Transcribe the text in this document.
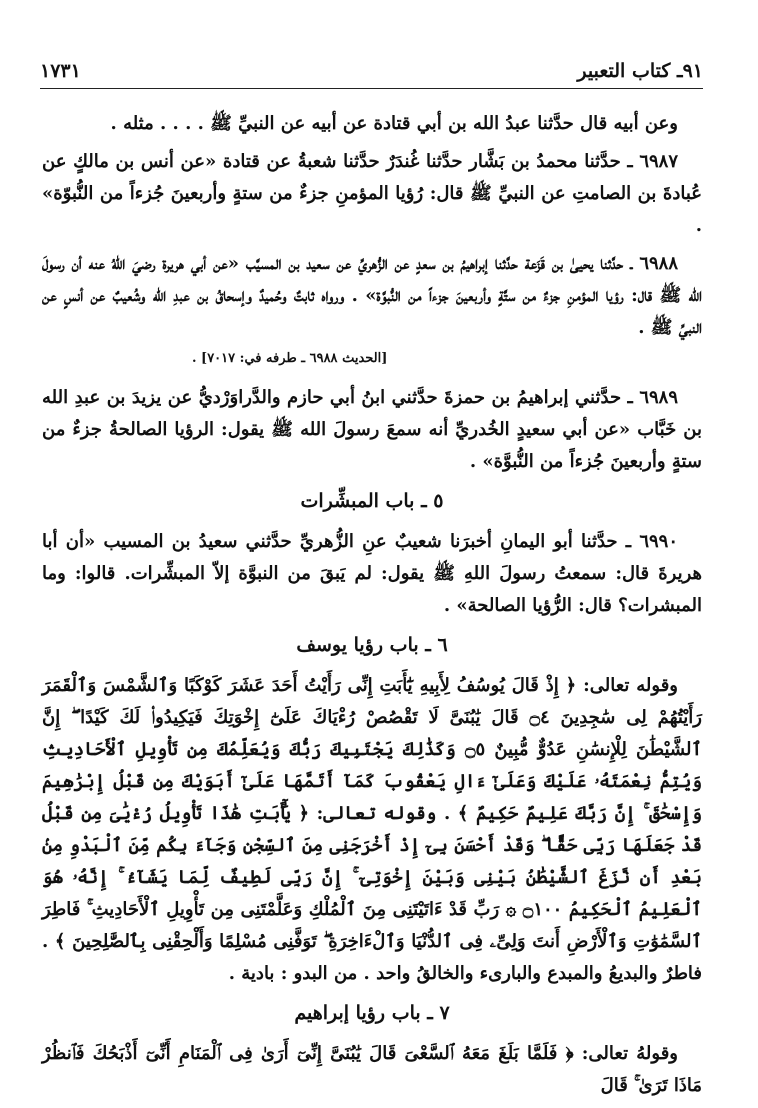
٩١ـ كتاب التعبير
١٧٣١

وعن أبيه قال حدَّثنا عبدُ الله بن أبي قتادة عن أبيه عن النبيِّ ﷺ . . . . مثله .

٦٩٨٧ ـ حدَّثنا محمدُ بن بَشَّار حدَّثنا غُندَرٌ حدَّثنا شعبةُ عن قتادة «عن أنس بن مالكٍ عن عُبادةَ بن الصامتِ عن النبيِّ ﷺ قال: رُؤيا المؤمنِ جزءٌ من ستةٍ وأربعينَ جُزءاً من النُّبوّة» .

٦٩٨٨ ـ حدَّثنا يحيىٰ بن قَزَعة حدَّثنا إبراهيمُ بن سعدٍ عن الزُّهريِّ عن سعيد بن المسيَّب «عن أبي هريرة رضيَ اللهُ عنه أن رسولَ الله ﷺ قال: رؤيا المؤمنِ جزءٌ من ستَّةٍ وأربعينَ جزءاً من النُّبوَّة» . ورواه ثابتٌ وحُميدٌ وإسحاقُ بن عبدِ الله وشُعيبٌ عن أنسٍ عن النبيِّ ﷺ .

[الحديث ٦٩٨٨ ـ طرفه في: ٧٠١٧] .

٦٩٨٩ ـ حدَّثني إبراهيمُ بن حمزةَ حدَّثني ابنُ أبي حازم والدَّراوَرْديُّ عن يزيدَ بن عبدِ الله بن خَبَّاب «عن أبي سعيدٍ الخُدريِّ أنه سمعَ رسولَ الله ﷺ يقول: الرؤيا الصالحةُ جزءٌ من ستةٍ وأربعينَ جُزءاً من النُّبوَّة» .

٥ ـ باب المبشِّرات

٦٩٩٠ ـ حدَّثنا أبو اليمانِ أخبرَنا شعيبٌ عنِ الزُّهريِّ حدَّثني سعيدُ بن المسيب «أن أبا هريرةَ قال: سمعتُ رسولَ اللهِ ﷺ يقول: لم يَبقَ من النبوَّة إلاّ المبشِّرات. قالوا: وما المبشرات؟ قال: الرُّؤيا الصالحة» .

٦ ـ باب رؤيا يوسف

وقوله تعالى: ﴿ إِذْ قَالَ يُوسُفُ لِأَبِيهِ يَٰٓأَبَتِ إِنِّى رَأَيْتُ أَحَدَ عَشَرَ كَوْكَبًا وَٱلشَّمْسَ وَٱلْقَمَرَ رَأَيْتُهُمْ لِى سَٰجِدِينَ ۝٤ قَالَ يَٰبُنَىَّ لَا تَقْصُصْ رُءْيَاكَ عَلَىٰٓ إِخْوَتِكَ فَيَكِيدُوا۟ لَكَ كَيْدًا ۖ إِنَّ ٱلشَّيْطَٰنَ لِلْإِنسَٰنِ عَدُوٌّ مُّبِينٌ ۝٥ وَكَذَٰلِكَ يَجْتَبِيكَ رَبُّكَ وَيُعَلِّمُكَ مِن تَأْوِيلِ ٱلْأَحَادِيثِ وَيُتِمُّ نِعْمَتَهُۥ عَلَيْكَ وَعَلَىٰٓ ءَالِ يَعْقُوبَ كَمَآ أَتَمَّهَا عَلَىٰٓ أَبَوَيْكَ مِن قَبْلُ إِبْرَٰهِيمَ وَإِسْحَٰقَ ۚ إِنَّ رَبَّكَ عَلِيمٌ حَكِيمٌ ﴾ . وقوله تعالى: ﴿ يَٰٓأَبَتِ هَٰذَا تَأْوِيلُ رُءْيَٰىَ مِن قَبْلُ قَدْ جَعَلَهَا رَبِّى حَقًّا ۖ وَقَدْ أَحْسَنَ بِىٓ إِذْ أَخْرَجَنِى مِنَ ٱلسِّجْنِ وَجَآءَ بِكُم مِّنَ ٱلْبَدْوِ مِنۢ بَعْدِ أَن نَّزَغَ ٱلشَّيْطَٰنُ بَيْنِى وَبَيْنَ إِخْوَتِىٓ ۚ إِنَّ رَبِّى لَطِيفٌ لِّمَا يَشَآءُ ۚ إِنَّهُۥ هُوَ ٱلْعَلِيمُ ٱلْحَكِيمُ ۝١٠٠ ۞ رَبِّ قَدْ ءَاتَيْتَنِى مِنَ ٱلْمُلْكِ وَعَلَّمْتَنِى مِن تَأْوِيلِ ٱلْأَحَادِيثِ ۚ فَاطِرَ ٱلسَّمَٰوَٰتِ وَٱلْأَرْضِ أَنتَ وَلِىِّۦ فِى ٱلدُّنْيَا وَٱلْءَاخِرَةِ ۖ تَوَفَّنِى مُسْلِمًا وَأَلْحِقْنِى بِٱلصَّٰلِحِينَ ﴾ . فاطرٌ والبديعُ والمبدع والبارىء والخالقُ واحد . من البدو : بادية .

٧ ـ باب رؤيا إبراهيم

وقولهُ تعالى: ﴿ فَلَمَّا بَلَغَ مَعَهُ ٱلسَّعْىَ قَالَ يَٰبُنَىَّ إِنِّىٓ أَرَىٰ فِى ٱلْمَنَامِ أَنِّىٓ أَذْبَحُكَ فَٱنظُرْ مَاذَا تَرَىٰ ۚ قَالَ
